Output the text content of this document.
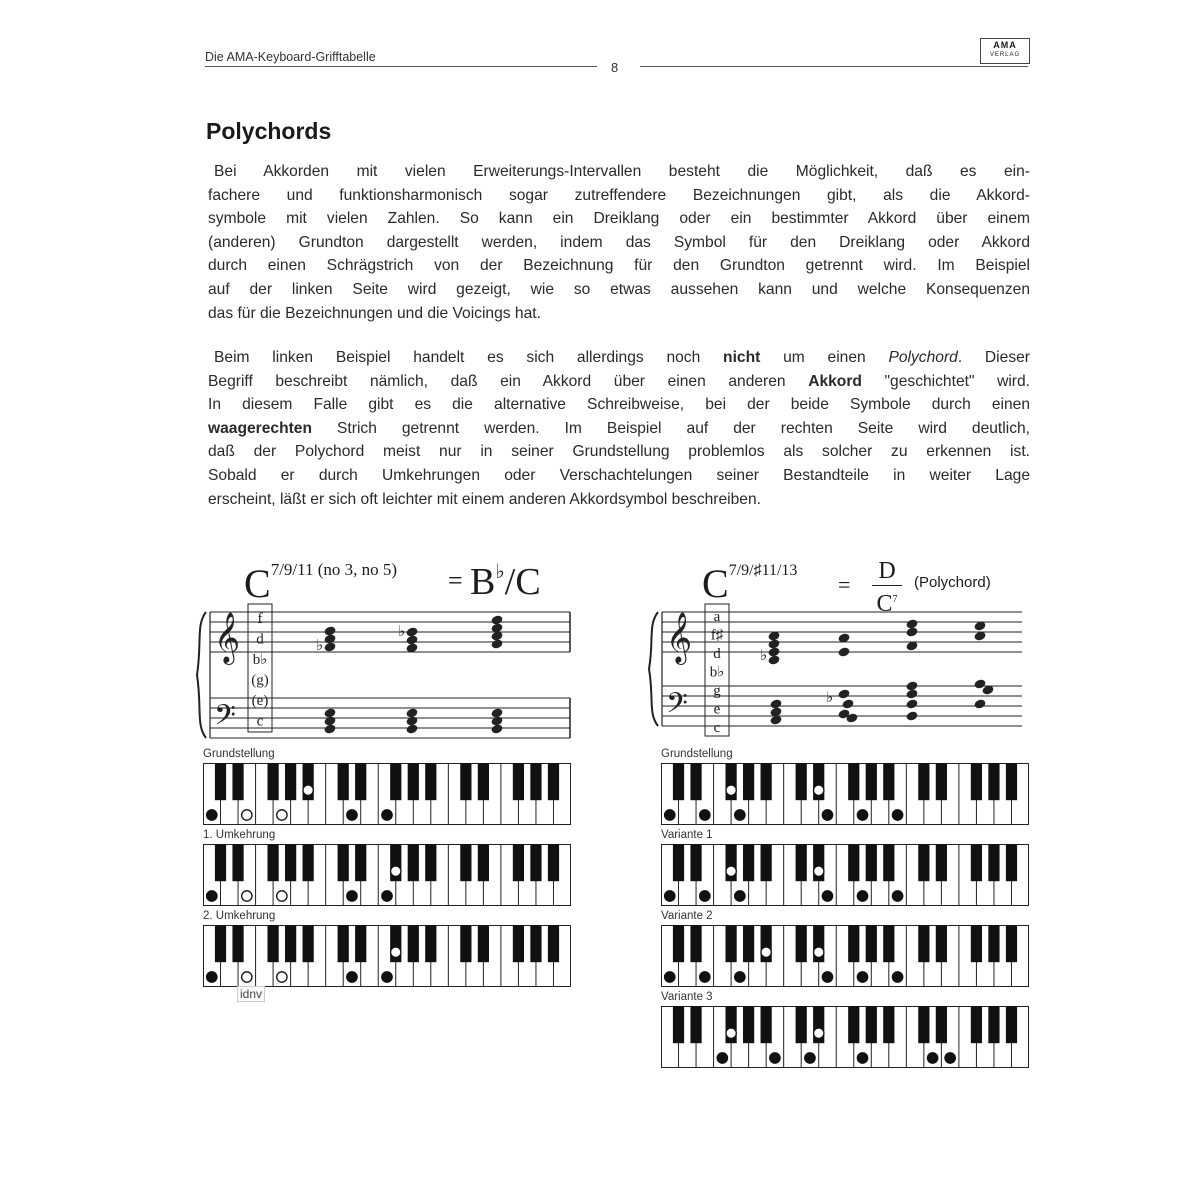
Die AMA-Keyboard-Grifftabelle
8
AMA
VERLAG
Polychords
Bei Akkorden mit vielen Erweiterungs-Intervallen besteht die Möglichkeit, daß es ein-
fachere und funktionsharmonisch sogar zutreffendere Bezeichnungen gibt, als die Akkord-
symbole mit vielen Zahlen. So kann ein Dreiklang oder ein bestimmter Akkord über einem
(anderen) Grundton dargestellt werden, indem das Symbol für den Dreiklang oder Akkord
durch einen Schrägstrich von der Bezeichnung für den Grundton getrennt wird. Im Beispiel
auf der linken Seite wird gezeigt, wie so etwas aussehen kann und welche Konsequenzen
das für die Bezeichnungen und die Voicings hat.
Beim linken Beispiel handelt es sich allerdings noch nicht um einen Polychord. Dieser
Begriff beschreibt nämlich, daß ein Akkord über einen anderen Akkord "geschichtet" wird.
In diesem Falle gibt es die alternative Schreibweise, bei der beide Symbole durch einen
waagerechten Strich getrennt werden. Im Beispiel auf der rechten Seite wird deutlich,
daß der Polychord meist nur in seiner Grundstellung problemlos als solcher zu erkennen ist.
Sobald er durch Umkehrungen oder Verschachtelungen seiner Bestandteile in weiter Lage
erscheint, läßt er sich oft leichter mit einem anderen Akkordsymbol beschreiben.
C7/9/11 (no 3, no 5) = B♭/C	C7/9/♯11/13
=
D
$C^7$
(Polychord)
𝄞
𝄢
𝄞
𝄢
♭
♭
♭
♭
f
d
b♭
(g)
(e)
c
a
f♯
d
b♭
g
e
c
Grundstellung
1. Umkehrung
2. Umkehrung
Grundstellung
Variante 1
Variante 2
Variante 3
idnv
